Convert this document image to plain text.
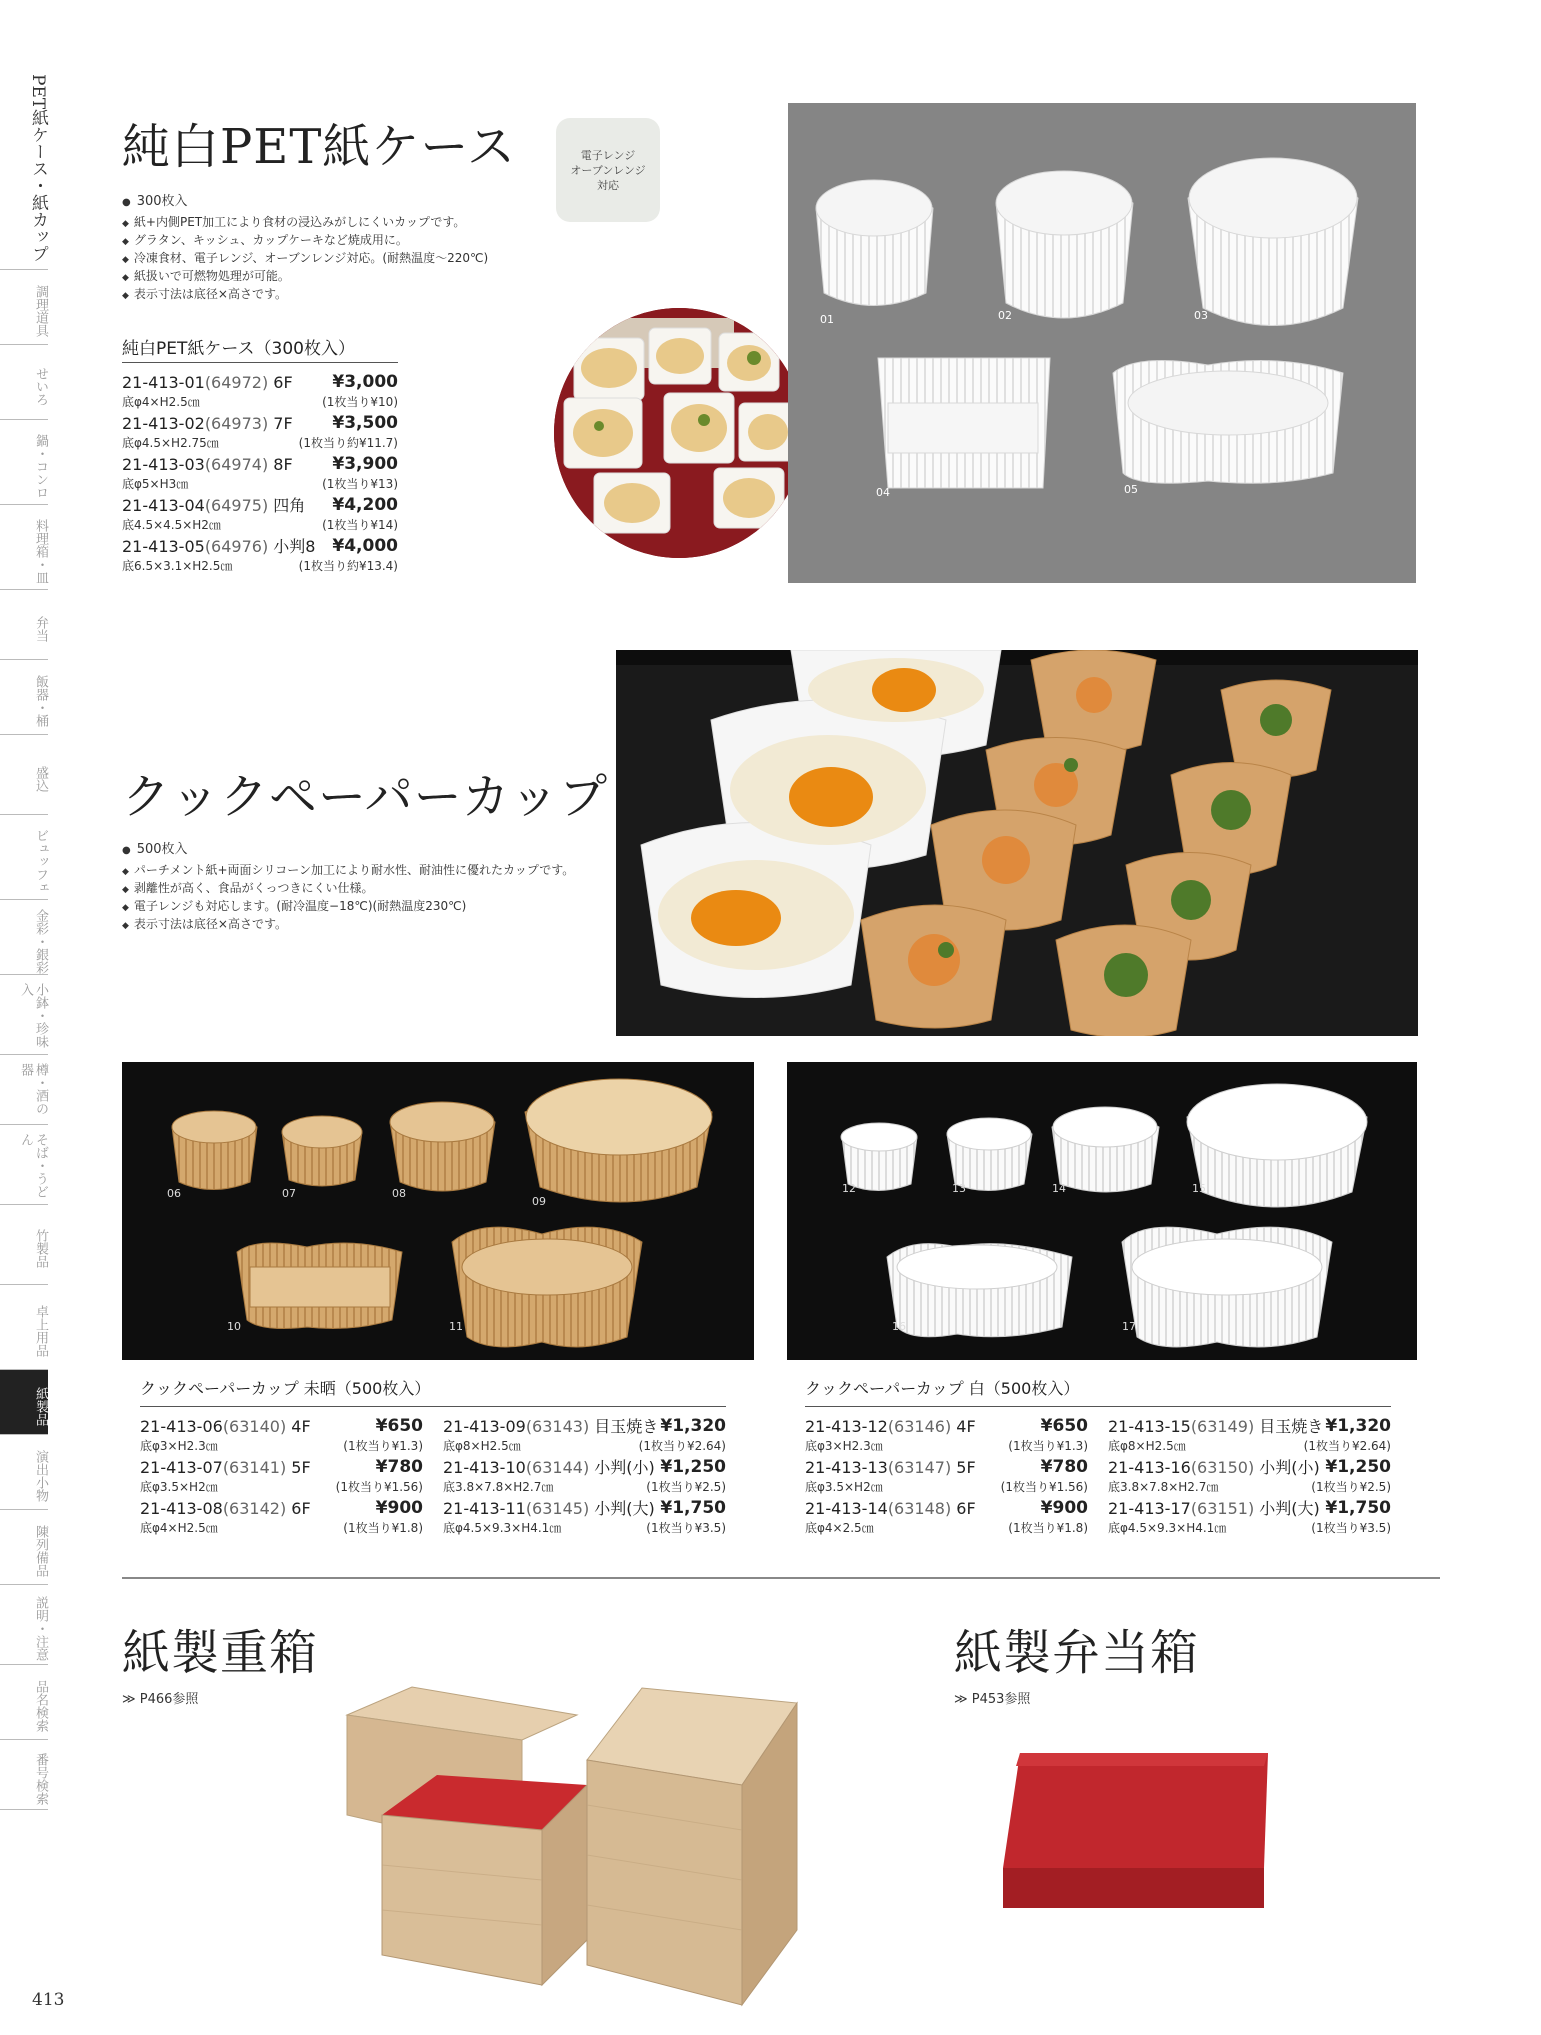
PET紙ケース・紙カップ
調理道具
せいろ
鍋・コンロ
料理箱・皿
弁当
飯器・桶
盛込
ビュッフェ
金彩・銀彩
小鉢・珍味入
樽・酒の器
そば・うどん
竹製品
卓上用品
紙製品
演出小物
陳列備品
説明・注意
品名検索
番号検索
413
純白PET紙ケース	電子レンジ
オーブンレンジ
対応
● 300枚入
◆ 紙+内側PET加工により食材の浸込みがしにくいカップです。
◆ グラタン、キッシュ、カップケーキなど焼成用に。
◆ 冷凍食材、電子レンジ、オーブンレンジ対応。(耐熱温度〜220℃)
◆ 紙扱いで可燃物処理が可能。
◆ 表示寸法は底径×高さです。
純白PET紙ケース（300枚入）
21-413-01(64972) 6F ¥3,000
底φ4×H2.5㎝	(1枚当り¥10)
21-413-02(64973) 7F ¥3,500
底φ4.5×H2.75㎝	(1枚当り約¥11.7)
21-413-03(64974) 8F ¥3,900
底φ5×H3㎝	(1枚当り¥13)
21-413-04(64975) 四角 ¥4,200
底4.5×4.5×H2㎝	(1枚当り¥14)
21-413-05(64976) 小判8 ¥4,000
底6.5×3.1×H2.5㎝	(1枚当り約¥13.4)
01	02	03
04	05
クックペーパーカップ
● 500枚入
◆ パーチメント紙+両面シリコーン加工により耐水性、耐油性に優れたカップです。
◆ 剥離性が高く、食品がくっつきにくい仕様。
◆ 電子レンジも対応します。(耐冷温度−18℃)(耐熱温度230℃)
◆ 表示寸法は底径×高さです。
06	07	08
09
10	11
12	13	14	15
16	17
クックペーパーカップ 未晒（500枚入）
21-413-06(63140) 4F	¥650
底φ3×H2.3㎝	(1枚当り¥1.3)
21-413-07(63141) 5F	¥780
底φ3.5×H2㎝	(1枚当り¥1.56)
21-413-08(63142) 6F	¥900
底φ4×H2.5㎝	(1枚当り¥1.8)
21-413-09(63143) 目玉焼き ¥1,320
底φ8×H2.5㎝	(1枚当り¥2.64)
21-413-10(63144) 小判(小) ¥1,250
底3.8×7.8×H2.7㎝	(1枚当り¥2.5)
21-413-11(63145) 小判(大) ¥1,750
底φ4.5×9.3×H4.1㎝	(1枚当り¥3.5)
クックペーパーカップ 白（500枚入）
21-413-12(63146) 4F	¥650
底φ3×H2.3㎝	(1枚当り¥1.3)
21-413-13(63147) 5F	¥780
底φ3.5×H2㎝	(1枚当り¥1.56)
21-413-14(63148) 6F	¥900
底φ4×2.5㎝	(1枚当り¥1.8)
21-413-15(63149) 目玉焼き ¥1,320
底φ8×H2.5㎝	(1枚当り¥2.64)
21-413-16(63150) 小判(小) ¥1,250
底3.8×7.8×H2.7㎝	(1枚当り¥2.5)
21-413-17(63151) 小判(大) ¥1,750
底φ4.5×9.3×H4.1㎝	(1枚当り¥3.5)
紙製重箱
≫ P466参照
紙製弁当箱
≫ P453参照
